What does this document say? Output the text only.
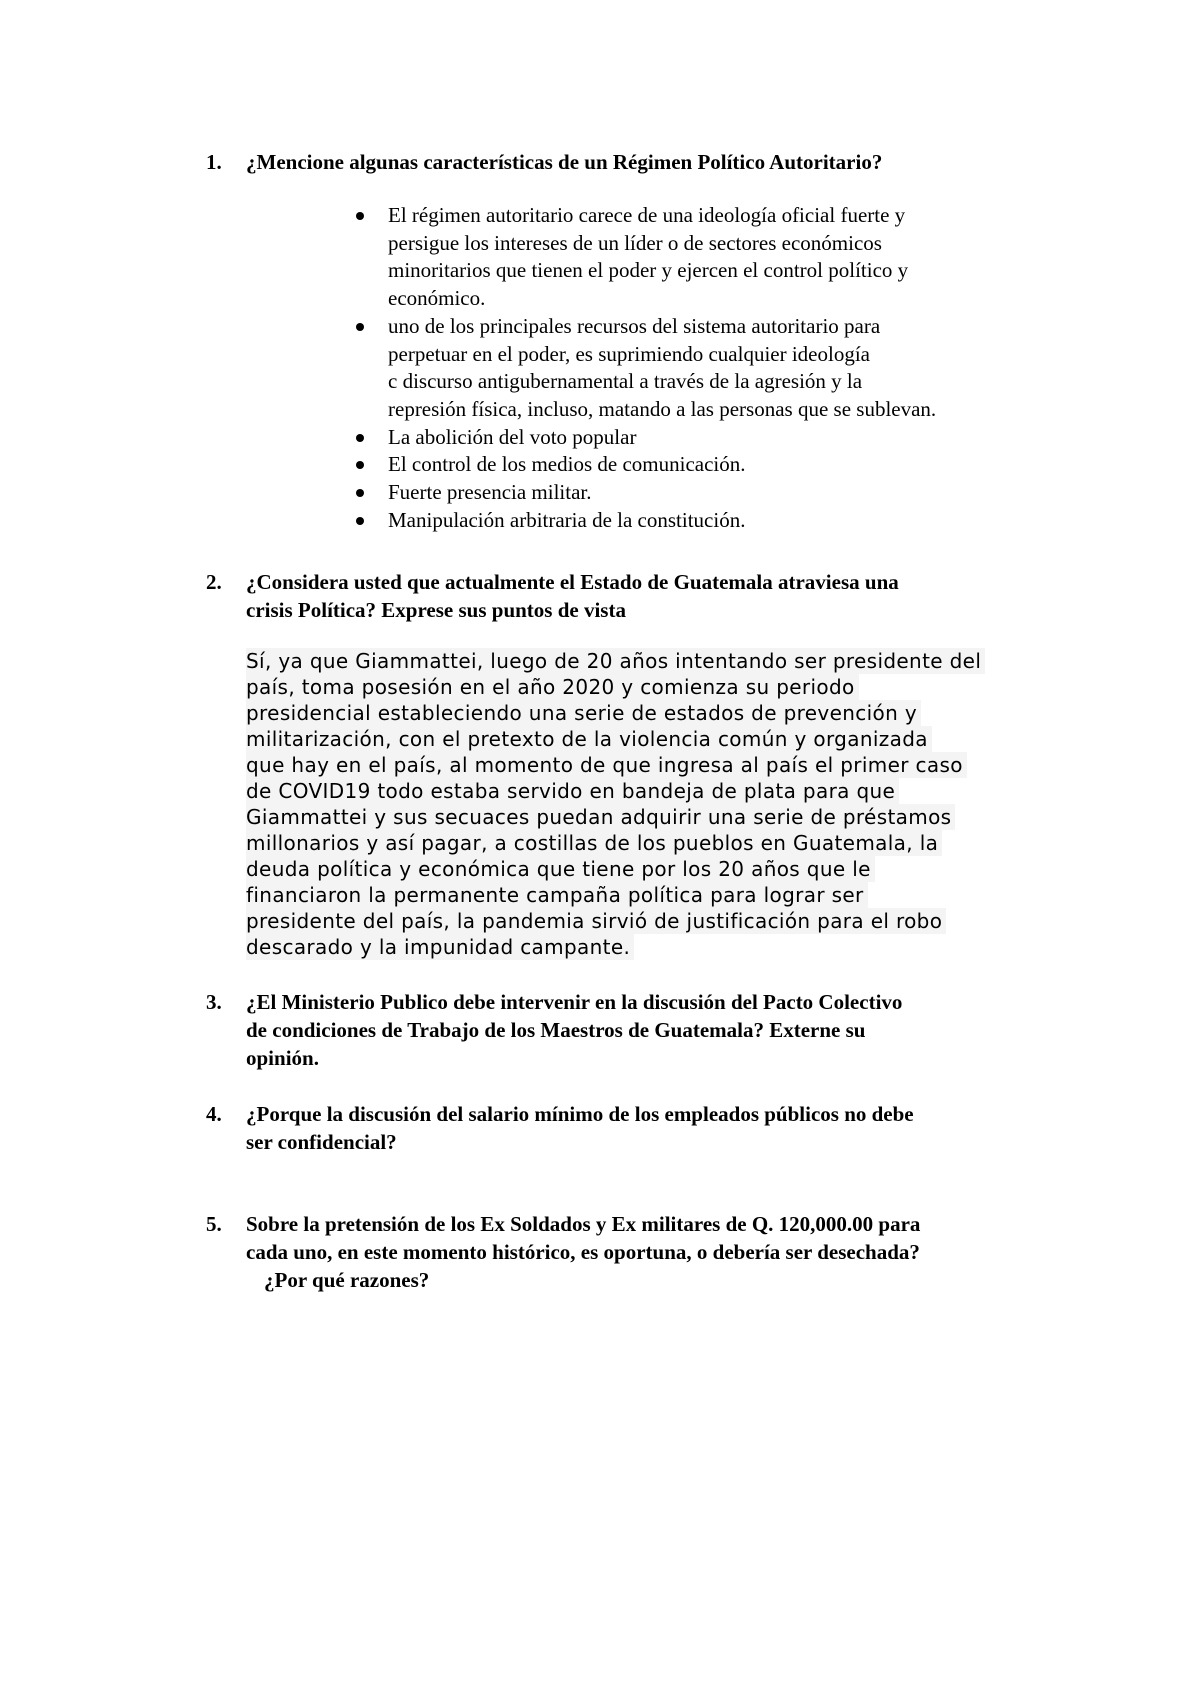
1. ¿Mencione algunas características de un Régimen Político Autoritario?
El régimen autoritario carece de una ideología oficial fuerte y
persigue los intereses de un líder o de sectores económicos
minoritarios que tienen el poder y ejercen el control político y
económico.
uno de los principales recursos del sistema autoritario para
perpetuar en el poder, es suprimiendo cualquier ideología
c discurso antigubernamental a través de la agresión y la
represión física, incluso, matando a las personas que se sublevan.
La abolición del voto popular
El control de los medios de comunicación.
Fuerte presencia militar.
Manipulación arbitraria de la constitución.
2. ¿Considera usted que actualmente el Estado de Guatemala atraviesa una
crisis Política? Exprese sus puntos de vista
Sí, ya que Giammattei, luego de 20 años intentando ser presidente del
país, toma posesión en el año 2020 y comienza su periodo
presidencial estableciendo una serie de estados de prevención y
militarización, con el pretexto de la violencia común y organizada
que hay en el país, al momento de que ingresa al país el primer caso
de COVID19 todo estaba servido en bandeja de plata para que
Giammattei y sus secuaces puedan adquirir una serie de préstamos
millonarios y así pagar, a costillas de los pueblos en Guatemala, la
deuda política y económica que tiene por los 20 años que le
financiaron la permanente campaña política para lograr ser
presidente del país, la pandemia sirvió de justificación para el robo
descarado y la impunidad campante.
3. ¿El Ministerio Publico debe intervenir en la discusión del Pacto Colectivo
de condiciones de Trabajo de los Maestros de Guatemala? Externe su
opinión.
4. ¿Porque la discusión del salario mínimo de los empleados públicos no debe
ser confidencial?
5. Sobre la pretensión de los Ex Soldados y Ex militares de Q. 120,000.00 para
cada uno, en este momento histórico, es oportuna, o debería ser desechada?
¿Por qué razones?
